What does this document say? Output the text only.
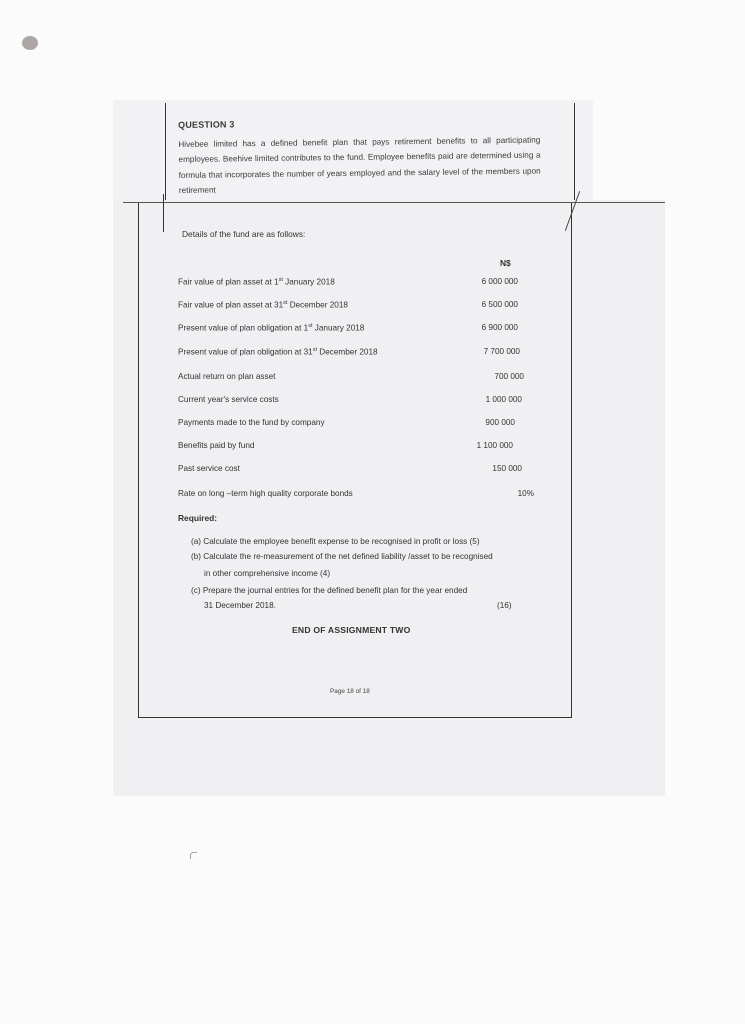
QUESTION 3
Hivebee limited has a defined benefit plan that pays retirement benefits to all participating employees. Beehive limited contributes to the fund. Employee benefits paid are determined using a formula that incorporates the number of years employed and the salary level of the members upon retirement
Details of the fund are as follows:
N$
Fair value of plan asset at 1st January 2018	6 000 000
Fair value of plan asset at 31st December 2018	6 500 000
Present value of plan obligation at 1st January 2018	6 900 000
Present value of plan obligation at 31st December 2018	7 700 000
Actual return on plan asset	700 000
Current year's service costs	1 000 000
Payments made to the fund by company	900 000
Benefits paid by fund	1 100 000
Past service cost	150 000
Rate on long –term high quality corporate bonds	10%
Required:
(a) Calculate the employee benefit expense to be recognised in profit or loss (5)
(b) Calculate the re-measurement of the net defined liability /asset to be recognised
in other comprehensive income (4)
(c) Prepare the journal entries for the defined benefit plan for the year ended
31 December 2018.	(16)
END OF ASSIGNMENT TWO
Page 18 of 18
